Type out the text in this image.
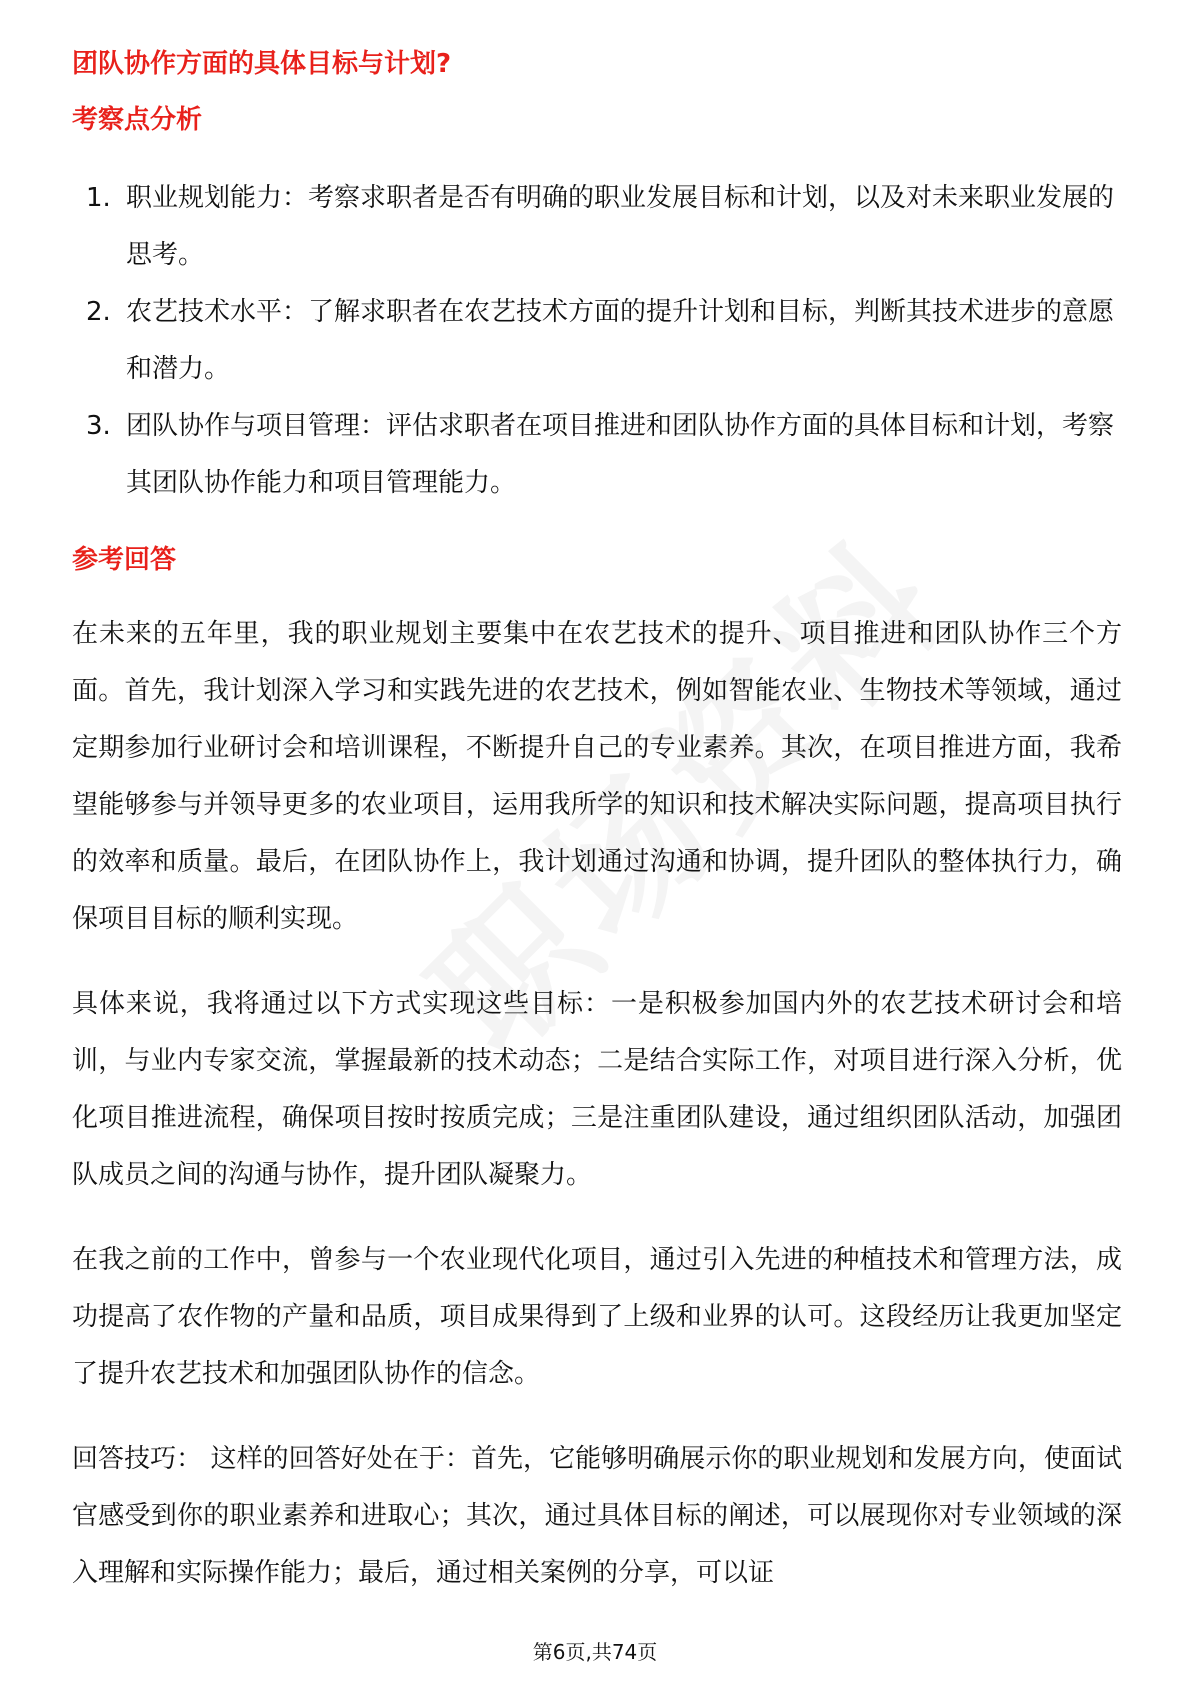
团队协作方面的具体目标与计划?
考察点分析
1. 职业规划能力：考察求职者是否有明确的职业发展目标和计划，以及对未来职业发展的思考。
2. 农艺技术水平：了解求职者在农艺技术方面的提升计划和目标，判断其技术进步的意愿和潜力。
3. 团队协作与项目管理：评估求职者在项目推进和团队协作方面的具体目标和计划，考察其团队协作能力和项目管理能力。
参考回答

在未来的五年里，我的职业规划主要集中在农艺技术的提升、项目推进和团队协作三个方面。首先，我计划深入学习和实践先进的农艺技术，例如智能农业、生物技术等领域，通过定期参加行业研讨会和培训课程，不断提升自己的专业素养。其次，在项目推进方面，我希望能够参与并领导更多的农业项目，运用我所学的知识和技术解决实际问题，提高项目执行的效率和质量。最后，在团队协作上，我计划通过沟通和协调，提升团队的整体执行力，确保项目目标的顺利实现。

具体来说，我将通过以下方式实现这些目标：一是积极参加国内外的农艺技术研讨会和培训，与业内专家交流，掌握最新的技术动态；二是结合实际工作，对项目进行深入分析，优化项目推进流程，确保项目按时按质完成；三是注重团队建设，通过组织团队活动，加强团队成员之间的沟通与协作，提升团队凝聚力。

在我之前的工作中，曾参与一个农业现代化项目，通过引入先进的种植技术和管理方法，成功提高了农作物的产量和品质，项目成果得到了上级和业界的认可。这段经历让我更加坚定了提升农艺技术和加强团队协作的信念。

回答技巧： 这样的回答好处在于：首先，它能够明确展示你的职业规划和发展方向，使面试官感受到你的职业素养和进取心；其次，通过具体目标的阐述，可以展现你对专业领域的深入理解和实际操作能力；最后，通过相关案例的分享，可以证

第6页,共74页
